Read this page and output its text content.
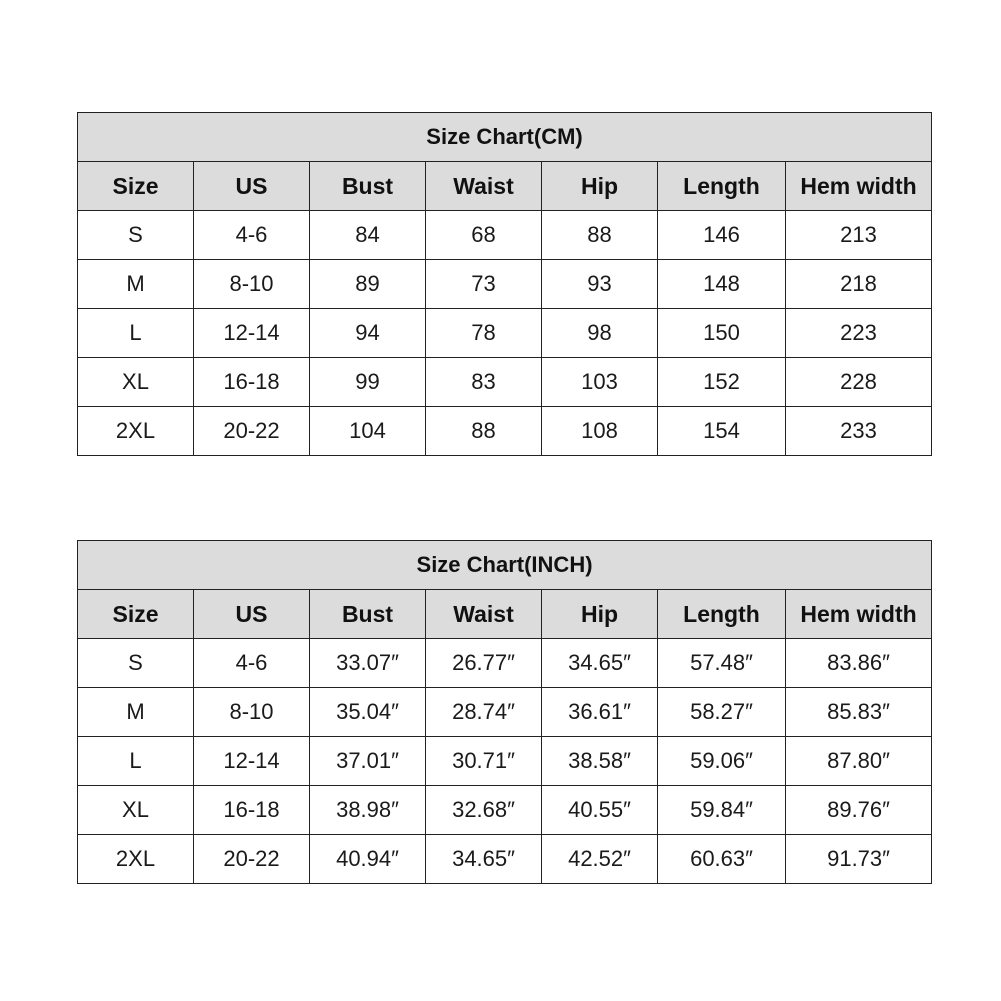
Size Chart(CM)						
Size	US	Bust	Waist	Hip	Length	Hem width
S	4-6	84	68	88	146	213
M	8-10	89	73	93	148	218
L	12-14	94	78	98	150	223
XL	16-18	99	83	103	152	228
2XL	20-22	104	88	108	154	233
Size Chart(INCH)						
Size	US	Bust	Waist	Hip	Length	Hem width
S	4-6	33.07″	26.77″	34.65″	57.48″	83.86″
M	8-10	35.04″	28.74″	36.61″	58.27″	85.83″
L	12-14	37.01″	30.71″	38.58″	59.06″	87.80″
XL	16-18	38.98″	32.68″	40.55″	59.84″	89.76″
2XL	20-22	40.94″	34.65″	42.52″	60.63″	91.73″
